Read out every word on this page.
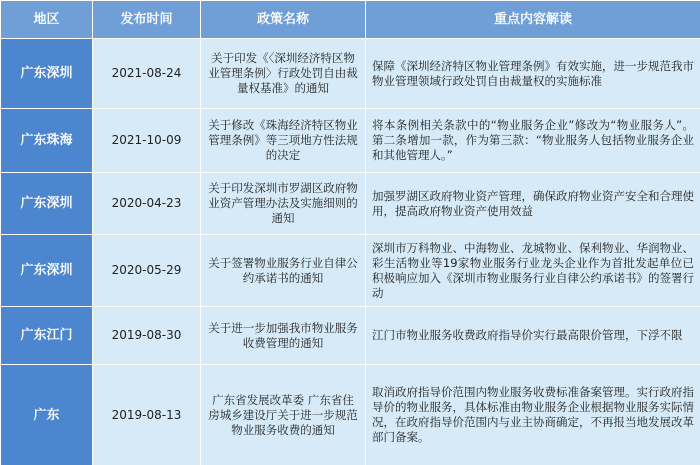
地区	发布时间	政策名称	重点内容解读
广东深圳	2021-08-24	关于印发《〈深圳经济特区物业管理条例〉行政处罚自由裁量权基准》的通知	保障《深圳经济特区物业管理条例》有效实施，进一步规范我市物业管理领域行政处罚自由裁量权的实施标准
广东珠海	2021-10-09	关于修改《珠海经济特区物业管理条例》等三项地方性法规的决定	将本条例相关条款中的“物业服务企业”修改为“物业服务人”。第二条增加一款，作为第三款：“物业服务人包括物业服务企业和其他管理人。”
广东深圳	2020-04-23	关于印发深圳市罗湖区政府物业资产管理办法及实施细则的通知	加强罗湖区政府物业资产管理，确保政府物业资产安全和合理使用，提高政府物业资产使用效益
广东深圳	2020-05-29	关于签署物业服务行业自律公约承诺书的通知	深圳市万科物业、中海物业、龙城物业、保利物业、华润物业、彩生活物业等19家物业服务行业龙头企业作为首批发起单位已积极响应加入《深圳市物业服务行业自律公约承诺书》的签署行动
广东江门	2019-08-30	关于进一步加强我市物业服务收费管理的通知	江门市物业服务收费政府指导价实行最高限价管理，下浮不限
广东	2019-08-13	广东省发展改革委 广东省住房城乡建设厅关于进一步规范物业服务收费的通知	取消政府指导价范围内物业服务收费标准备案管理。实行政府指导价的物业服务，具体标准由物业服务企业根据物业服务实际情况，在政府指导价范围内与业主协商确定，不再报当地发展改革部门备案。
